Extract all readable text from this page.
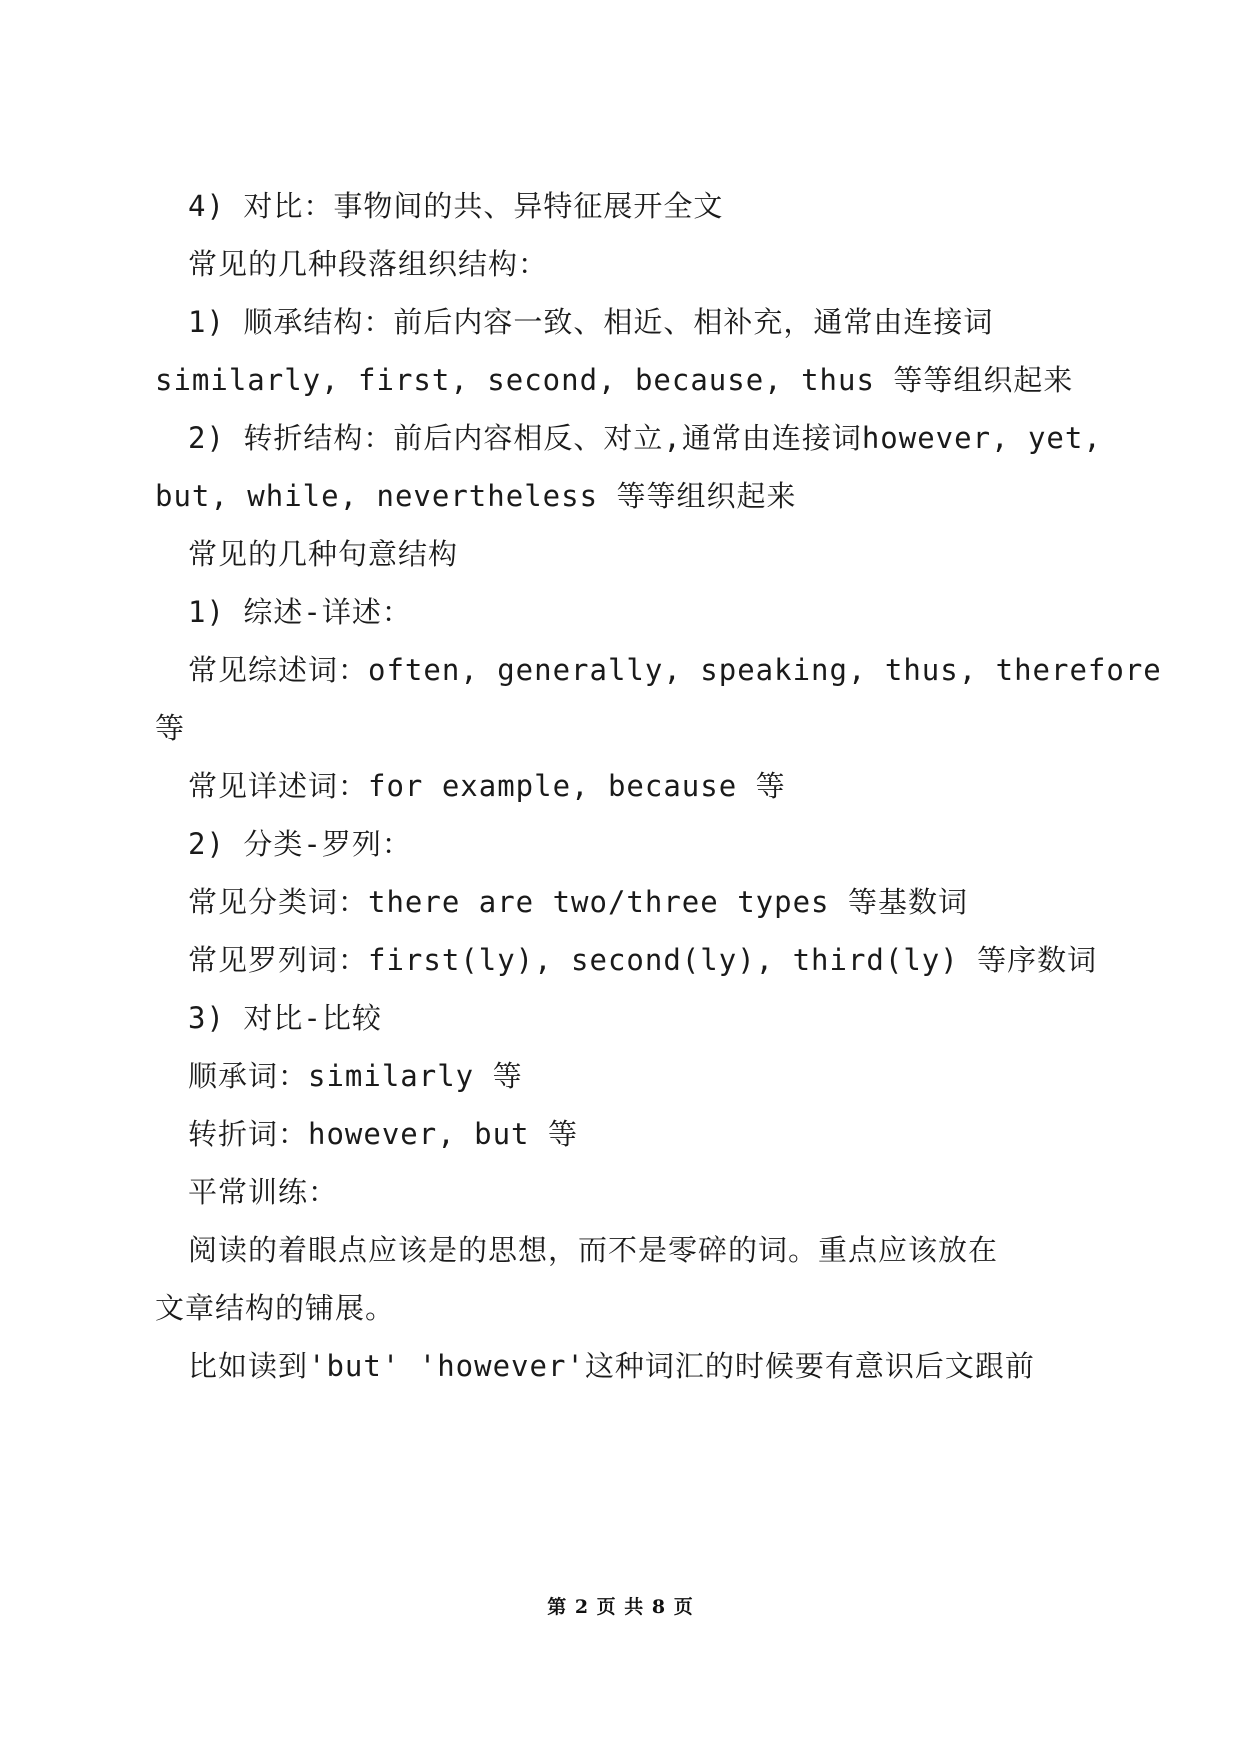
4) 对比：事物间的共、异特征展开全文
常见的几种段落组织结构：
1) 顺承结构：前后内容一致、相近、相补充，通常由连接词
similarly, first, second, because, thus 等等组织起来
2) 转折结构：前后内容相反、对立,通常由连接词however, yet,
but, while, nevertheless 等等组织起来
常见的几种句意结构
1) 综述-详述：
常见综述词：often, generally, speaking, thus, therefore
等
常见详述词：for example, because 等
2) 分类-罗列：
常见分类词：there are two/three types 等基数词
常见罗列词：first(ly), second(ly), third(ly) 等序数词
3) 对比-比较
顺承词：similarly 等
转折词：however, but 等
平常训练：
阅读的着眼点应该是的思想，而不是零碎的词。重点应该放在
文章结构的铺展。
比如读到'but' 'however'这种词汇的时候要有意识后文跟前
第 2 页 共 8 页
